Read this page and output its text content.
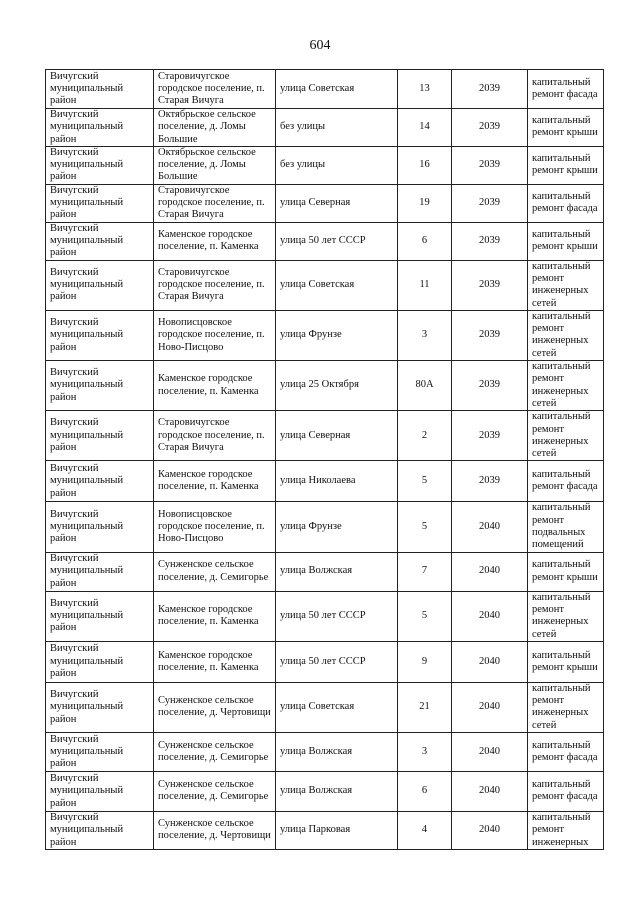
604
Вичугский муниципальный район	Старовичугское городское поселение, п. Старая Вичуга	улица Советская	13	2039	капитальный ремонт фасада
Вичугский муниципальный район	Октябрьское сельское поселение, д. Ломы Большие	без улицы	14	2039	капитальный ремонт крыши
Вичугский муниципальный район	Октябрьское сельское поселение, д. Ломы Большие	без улицы	16	2039	капитальный ремонт крыши
Вичугский муниципальный район	Старовичугское городское поселение, п. Старая Вичуга	улица Северная	19	2039	капитальный ремонт фасада
Вичугский муниципальный район	Каменское городское поселение, п. Каменка	улица 50 лет СССР	6	2039	капитальный ремонт крыши
Вичугский муниципальный район	Старовичугское городское поселение, п. Старая Вичуга	улица Советская	11	2039	капитальный ремонт инженерных сетей
Вичугский муниципальный район	Новописцовское городское поселение, п. Ново-Писцово	улица Фрунзе	3	2039	капитальный ремонт инженерных сетей
Вичугский муниципальный район	Каменское городское поселение, п. Каменка	улица 25 Октября	80А	2039	капитальный ремонт инженерных сетей
Вичугский муниципальный район	Старовичугское городское поселение, п. Старая Вичуга	улица Северная	2	2039	капитальный ремонт инженерных сетей
Вичугский муниципальный район	Каменское городское поселение, п. Каменка	улица Николаева	5	2039	капитальный ремонт фасада
Вичугский муниципальный район	Новописцовское городское поселение, п. Ново-Писцово	улица Фрунзе	5	2040	капитальный ремонт подвальных помещений
Вичугский муниципальный район	Сунженское сельское поселение, д. Семигорье	улица Волжская	7	2040	капитальный ремонт крыши
Вичугский муниципальный район	Каменское городское поселение, п. Каменка	улица 50 лет СССР	5	2040	капитальный ремонт инженерных сетей
Вичугский муниципальный район	Каменское городское поселение, п. Каменка	улица 50 лет СССР	9	2040	капитальный ремонт крыши
Вичугский муниципальный район	Сунженское сельское поселение, д. Чертовищи	улица Советская	21	2040	капитальный ремонт инженерных сетей
Вичугский муниципальный район	Сунженское сельское поселение, д. Семигорье	улица Волжская	3	2040	капитальный ремонт фасада
Вичугский муниципальный район	Сунженское сельское поселение, д. Семигорье	улица Волжская	6	2040	капитальный ремонт фасада
Вичугский муниципальный район	Сунженское сельское поселение, д. Чертовищи	улица Парковая	4	2040	капитальный ремонт инженерных
